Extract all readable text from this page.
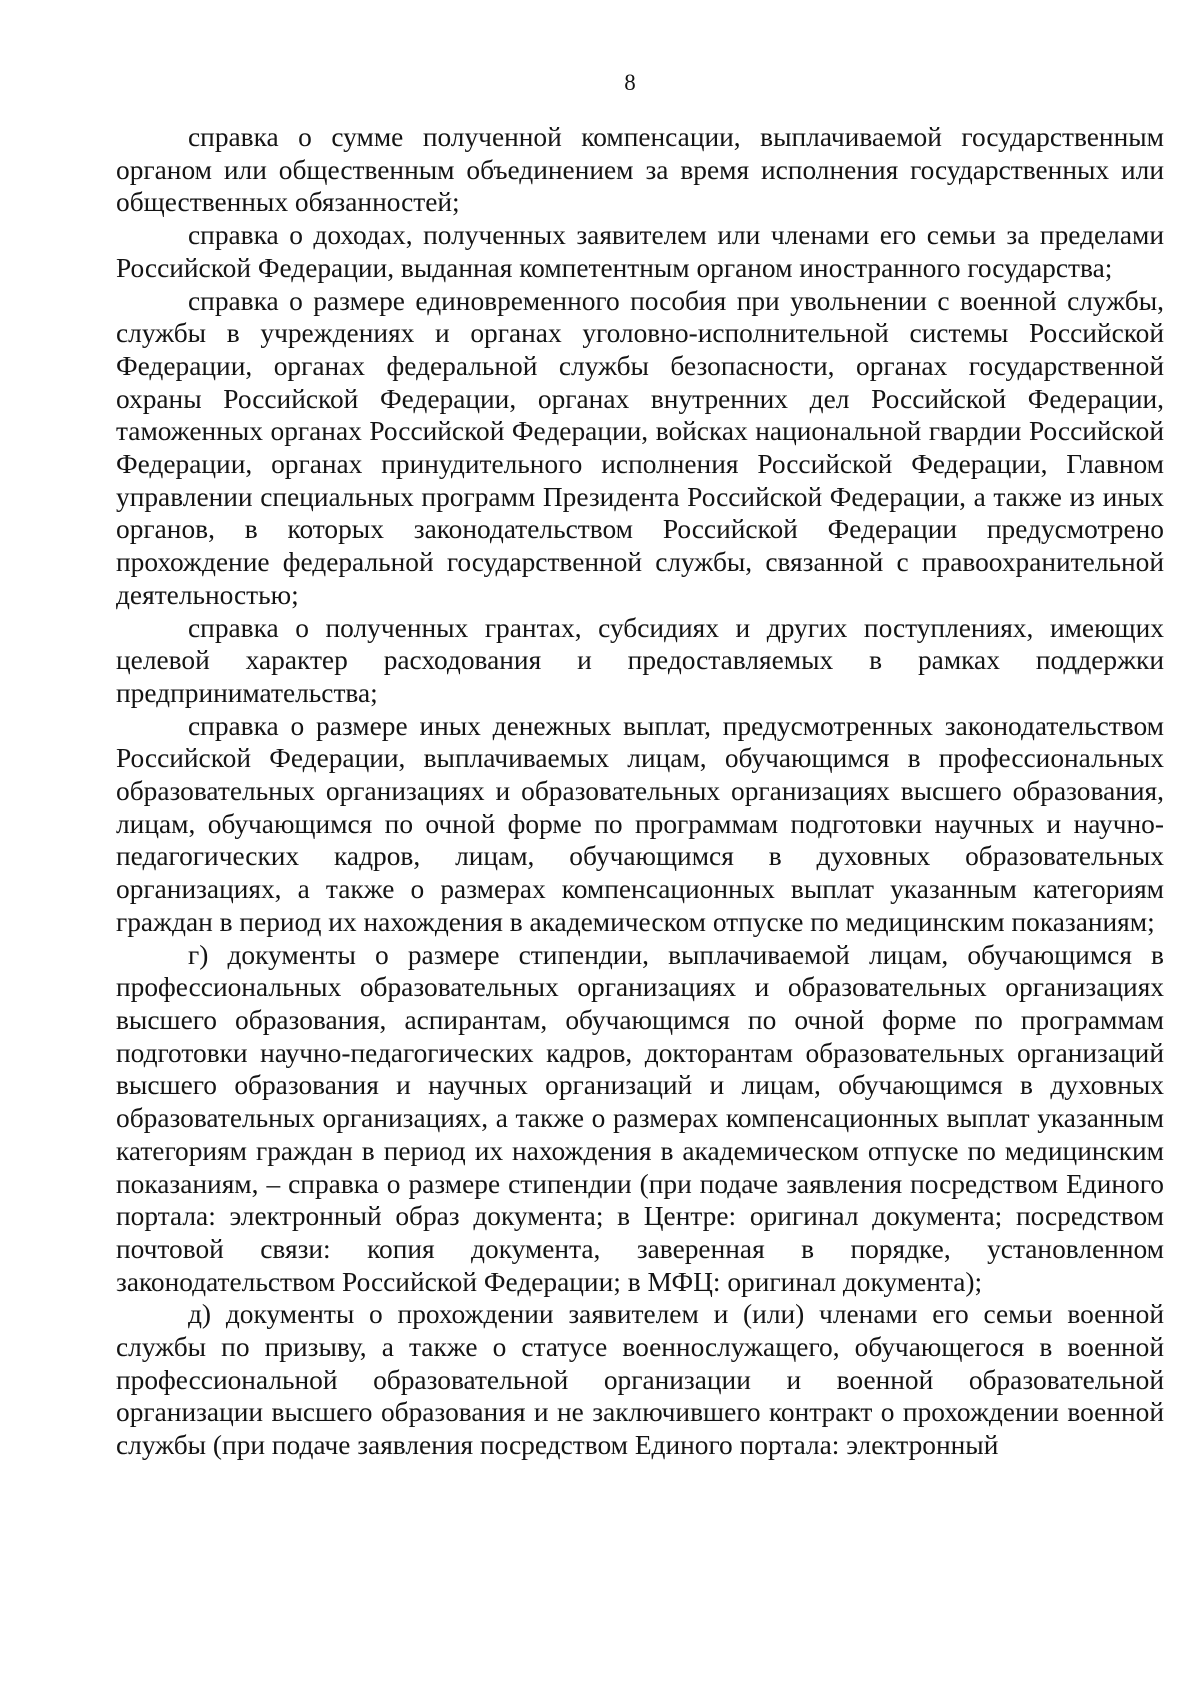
8

справка о сумме полученной компенсации, выплачиваемой государственным органом или общественным объединением за время исполнения государственных или общественных обязанностей;

справка о доходах, полученных заявителем или членами его семьи за пределами Российской Федерации, выданная компетентным органом иностранного государства;

справка о размере единовременного пособия при увольнении с военной службы, службы в учреждениях и органах уголовно-исполнительной системы Российской Федерации, органах федеральной службы безопасности, органах государственной охраны Российской Федерации, органах внутренних дел Российской Федерации, таможенных органах Российской Федерации, войсках национальной гвардии Российской Федерации, органах принудительного исполнения Российской Федерации, Главном управлении специальных программ Президента Российской Федерации, а также из иных органов, в которых законодательством Российской Федерации предусмотрено прохождение федеральной государственной службы, связанной с правоохранительной деятельностью;

справка о полученных грантах, субсидиях и других поступлениях, имеющих целевой характер расходования и предоставляемых в рамках поддержки предпринимательства;

справка о размере иных денежных выплат, предусмотренных законодательством Российской Федерации, выплачиваемых лицам, обучающимся в профессиональных образовательных организациях и образовательных организациях высшего образования, лицам, обучающимся по очной форме по программам подготовки научных и научно-педагогических кадров, лицам, обучающимся в духовных образовательных организациях, а также о размерах компенсационных выплат указанным категориям граждан в период их нахождения в академическом отпуске по медицинским показаниям;

г) документы о размере стипендии, выплачиваемой лицам, обучающимся в профессиональных образовательных организациях и образовательных организациях высшего образования, аспирантам, обучающимся по очной форме по программам подготовки научно-педагогических кадров, докторантам образовательных организаций высшего образования и научных организаций и лицам, обучающимся в духовных образовательных организациях, а также о размерах компенсационных выплат указанным категориям граждан в период их нахождения в академическом отпуске по медицинским показаниям, – справка о размере стипендии (при подаче заявления посредством Единого портала: электронный образ документа; в Центре: оригинал документа; посредством почтовой связи: копия документа, заверенная в порядке, установленном законодательством Российской Федерации; в МФЦ: оригинал документа);

д) документы о прохождении заявителем и (или) членами его семьи военной службы по призыву, а также о статусе военнослужащего, обучающегося в военной профессиональной образовательной организации и военной образовательной организации высшего образования и не заключившего контракт о прохождении военной службы (при подаче заявления посредством Единого портала: электронный
